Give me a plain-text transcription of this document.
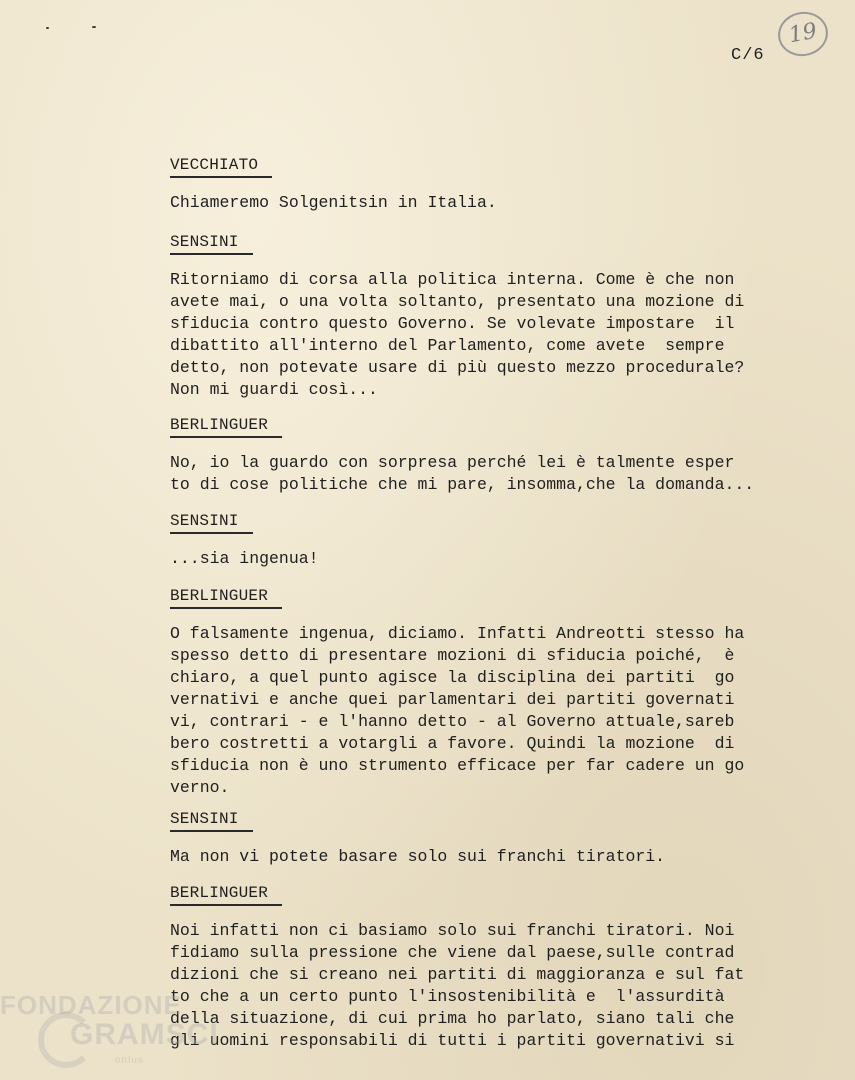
C/6
19
VECCHIATO
Chiameremo Solgenitsin in Italia.
SENSINI
Ritorniamo di corsa alla politica interna. Come è che non
avete mai, o una volta soltanto, presentato una mozione di
sfiducia contro questo Governo. Se volevate impostare  il
dibattito all'interno del Parlamento, come avete  sempre
detto, non potevate usare di più questo mezzo procedurale?
Non mi guardi così...
BERLINGUER
No, io la guardo con sorpresa perché lei è talmente esper
to di cose politiche che mi pare, insomma,che la domanda...
SENSINI
...sia ingenua!
BERLINGUER
O falsamente ingenua, diciamo. Infatti Andreotti stesso ha
spesso detto di presentare mozioni di sfiducia poiché,  è
chiaro, a quel punto agisce la disciplina dei partiti  go
vernativi e anche quei parlamentari dei partiti governati
vi, contrari - e l'hanno detto - al Governo attuale,sareb
bero costretti a votargli a favore. Quindi la mozione  di
sfiducia non è uno strumento efficace per far cadere un go
verno.
SENSINI
Ma non vi potete basare solo sui franchi tiratori.
BERLINGUER
Noi infatti non ci basiamo solo sui franchi tiratori. Noi
fidiamo sulla pressione che viene dal paese,sulle contrad
dizioni che si creano nei partiti di maggioranza e sul fat
to che a un certo punto l'insostenibilità e  l'assurdità
della situazione, di cui prima ho parlato, siano tali che
gli uomini responsabili di tutti i partiti governativi si
FONDAZIONE
GRAMSCI
onlus
